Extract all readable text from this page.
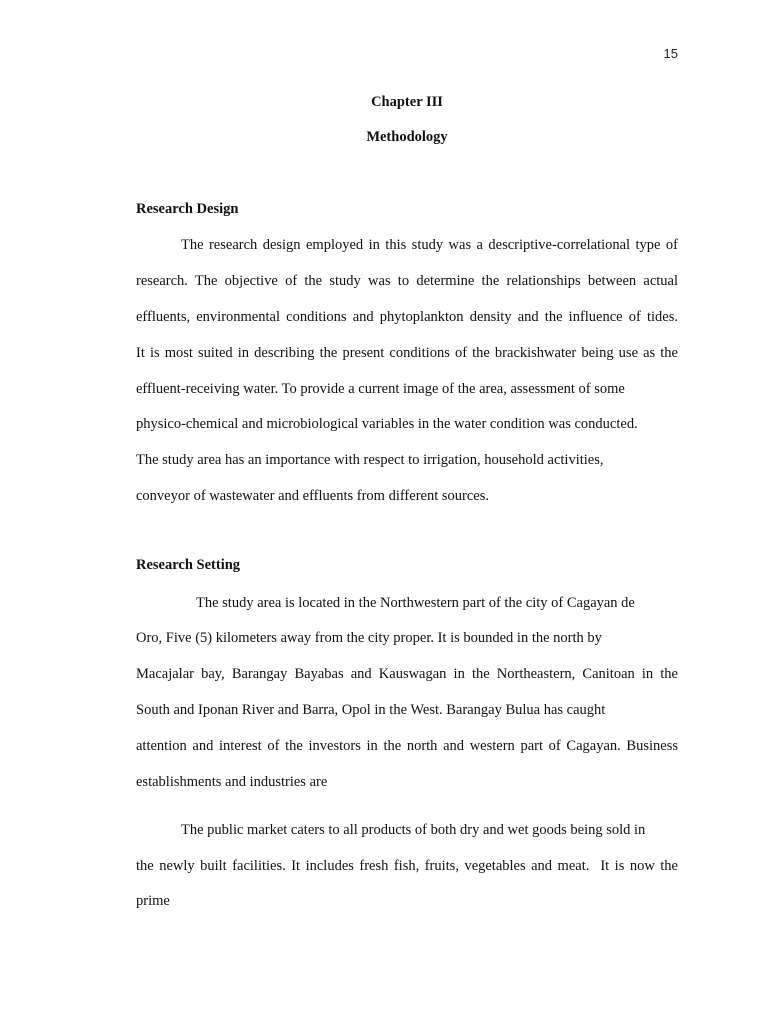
15
Chapter III
Methodology
Research Design
The research design employed in this study was a descriptive-correlational type of
research. The objective of the study was to determine the relationships between actual
effluents, environmental conditions and phytoplankton density and the influence of tides.
It is most suited in describing the present conditions of the brackishwater being use as the
effluent-receiving water. To provide a current image of the area, assessment of some
physico-chemical and microbiological variables in the water condition was conducted.
The study area has an importance with respect to irrigation, household activities,
conveyor of wastewater and effluents from different sources.
Research Setting
The study area is located in the Northwestern part of the city of Cagayan de
Oro, Five (5) kilometers away from the city proper. It is bounded in the north by
Macajalar bay, Barangay Bayabas and Kauswagan in the Northeastern, Canitoan in the
South and Iponan River and Barra, Opol in the West. Barangay Bulua has caught
attention and interest of the investors in the north and western part of Cagayan. Business
establishments and industries are
The public market caters to all products of both dry and wet goods being sold in
the newly built facilities. It includes fresh fish, fruits, vegetables and meat.  It is now the
prime
